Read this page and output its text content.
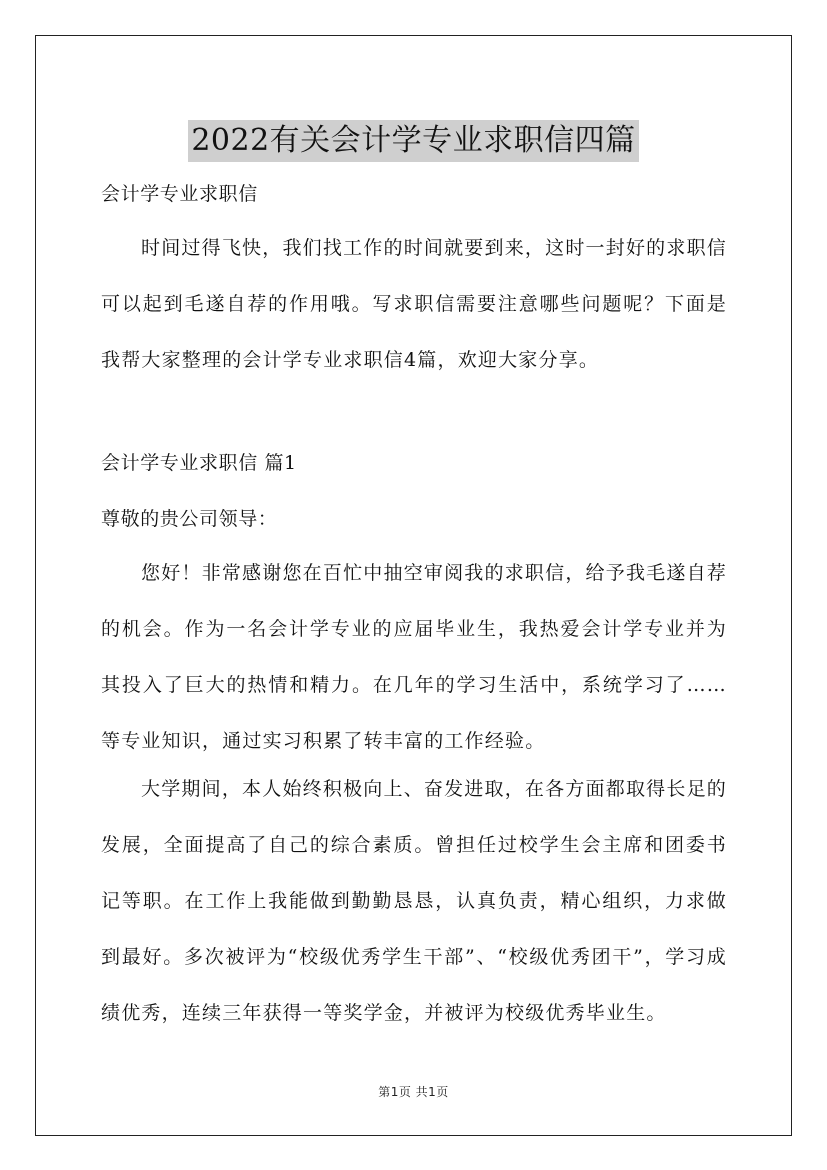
2022有关会计学专业求职信四篇

会计学专业求职信

时间过得飞快，我们找工作的时间就要到来，这时一封好的求职信可以起到毛遂自荐的作用哦。写求职信需要注意哪些问题呢？下面是我帮大家整理的会计学专业求职信4篇，欢迎大家分享。

会计学专业求职信 篇1

尊敬的贵公司领导：

您好！非常感谢您在百忙中抽空审阅我的求职信，给予我毛遂自荐的机会。作为一名会计学专业的应届毕业生，我热爱会计学专业并为其投入了巨大的热情和精力。在几年的学习生活中，系统学习了……等专业知识，通过实习积累了转丰富的工作经验。

大学期间，本人始终积极向上、奋发进取，在各方面都取得长足的发展，全面提高了自己的综合素质。曾担任过校学生会主席和团委书记等职。在工作上我能做到勤勤恳恳，认真负责，精心组织，力求做到最好。多次被评为“校级优秀学生干部”、“校级优秀团干”，学习成绩优秀，连续三年获得一等奖学金，并被评为校级优秀毕业生。

第1页 共1页
